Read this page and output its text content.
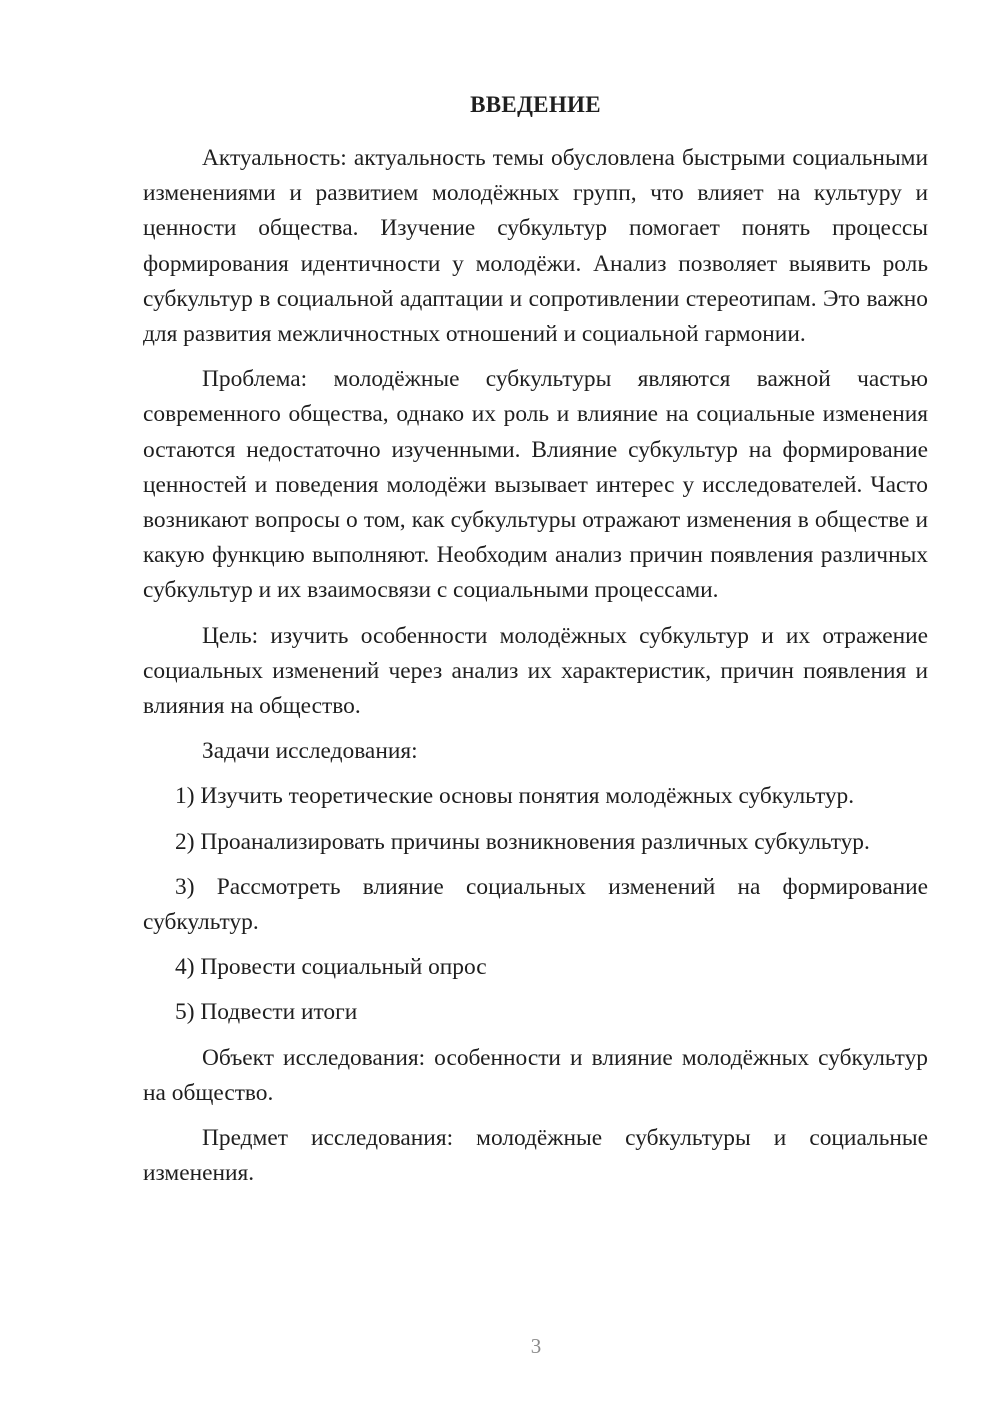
ВВЕДЕНИЕ

Актуальность: актуальность темы обусловлена быстрыми социальными изменениями и развитием молодёжных групп, что влияет на культуру и ценности общества. Изучение субкультур помогает понять процессы формирования идентичности у молодёжи. Анализ позволяет выявить роль субкультур в социальной адаптации и сопротивлении стереотипам. Это важно для развития межличностных отношений и социальной гармонии.

Проблема: молодёжные субкультуры являются важной частью современного общества, однако их роль и влияние на социальные изменения остаются недостаточно изученными. Влияние субкультур на формирование ценностей и поведения молодёжи вызывает интерес у исследователей. Часто возникают вопросы о том, как субкультуры отражают изменения в обществе и какую функцию выполняют. Необходим анализ причин появления различных субкультур и их взаимосвязи с социальными процессами.

Цель: изучить особенности молодёжных субкультур и их отражение социальных изменений через анализ их характеристик, причин появления и влияния на общество.

Задачи исследования:

1) Изучить теоретические основы понятия молодёжных субкультур.

2) Проанализировать причины возникновения различных субкультур.

3) Рассмотреть влияние социальных изменений на формирование субкультур.

4) Провести социальный опрос

5) Подвести итоги

Объект исследования: особенности и влияние молодёжных субкультур на общество.

Предмет исследования: молодёжные субкультуры и социальные изменения.

3
